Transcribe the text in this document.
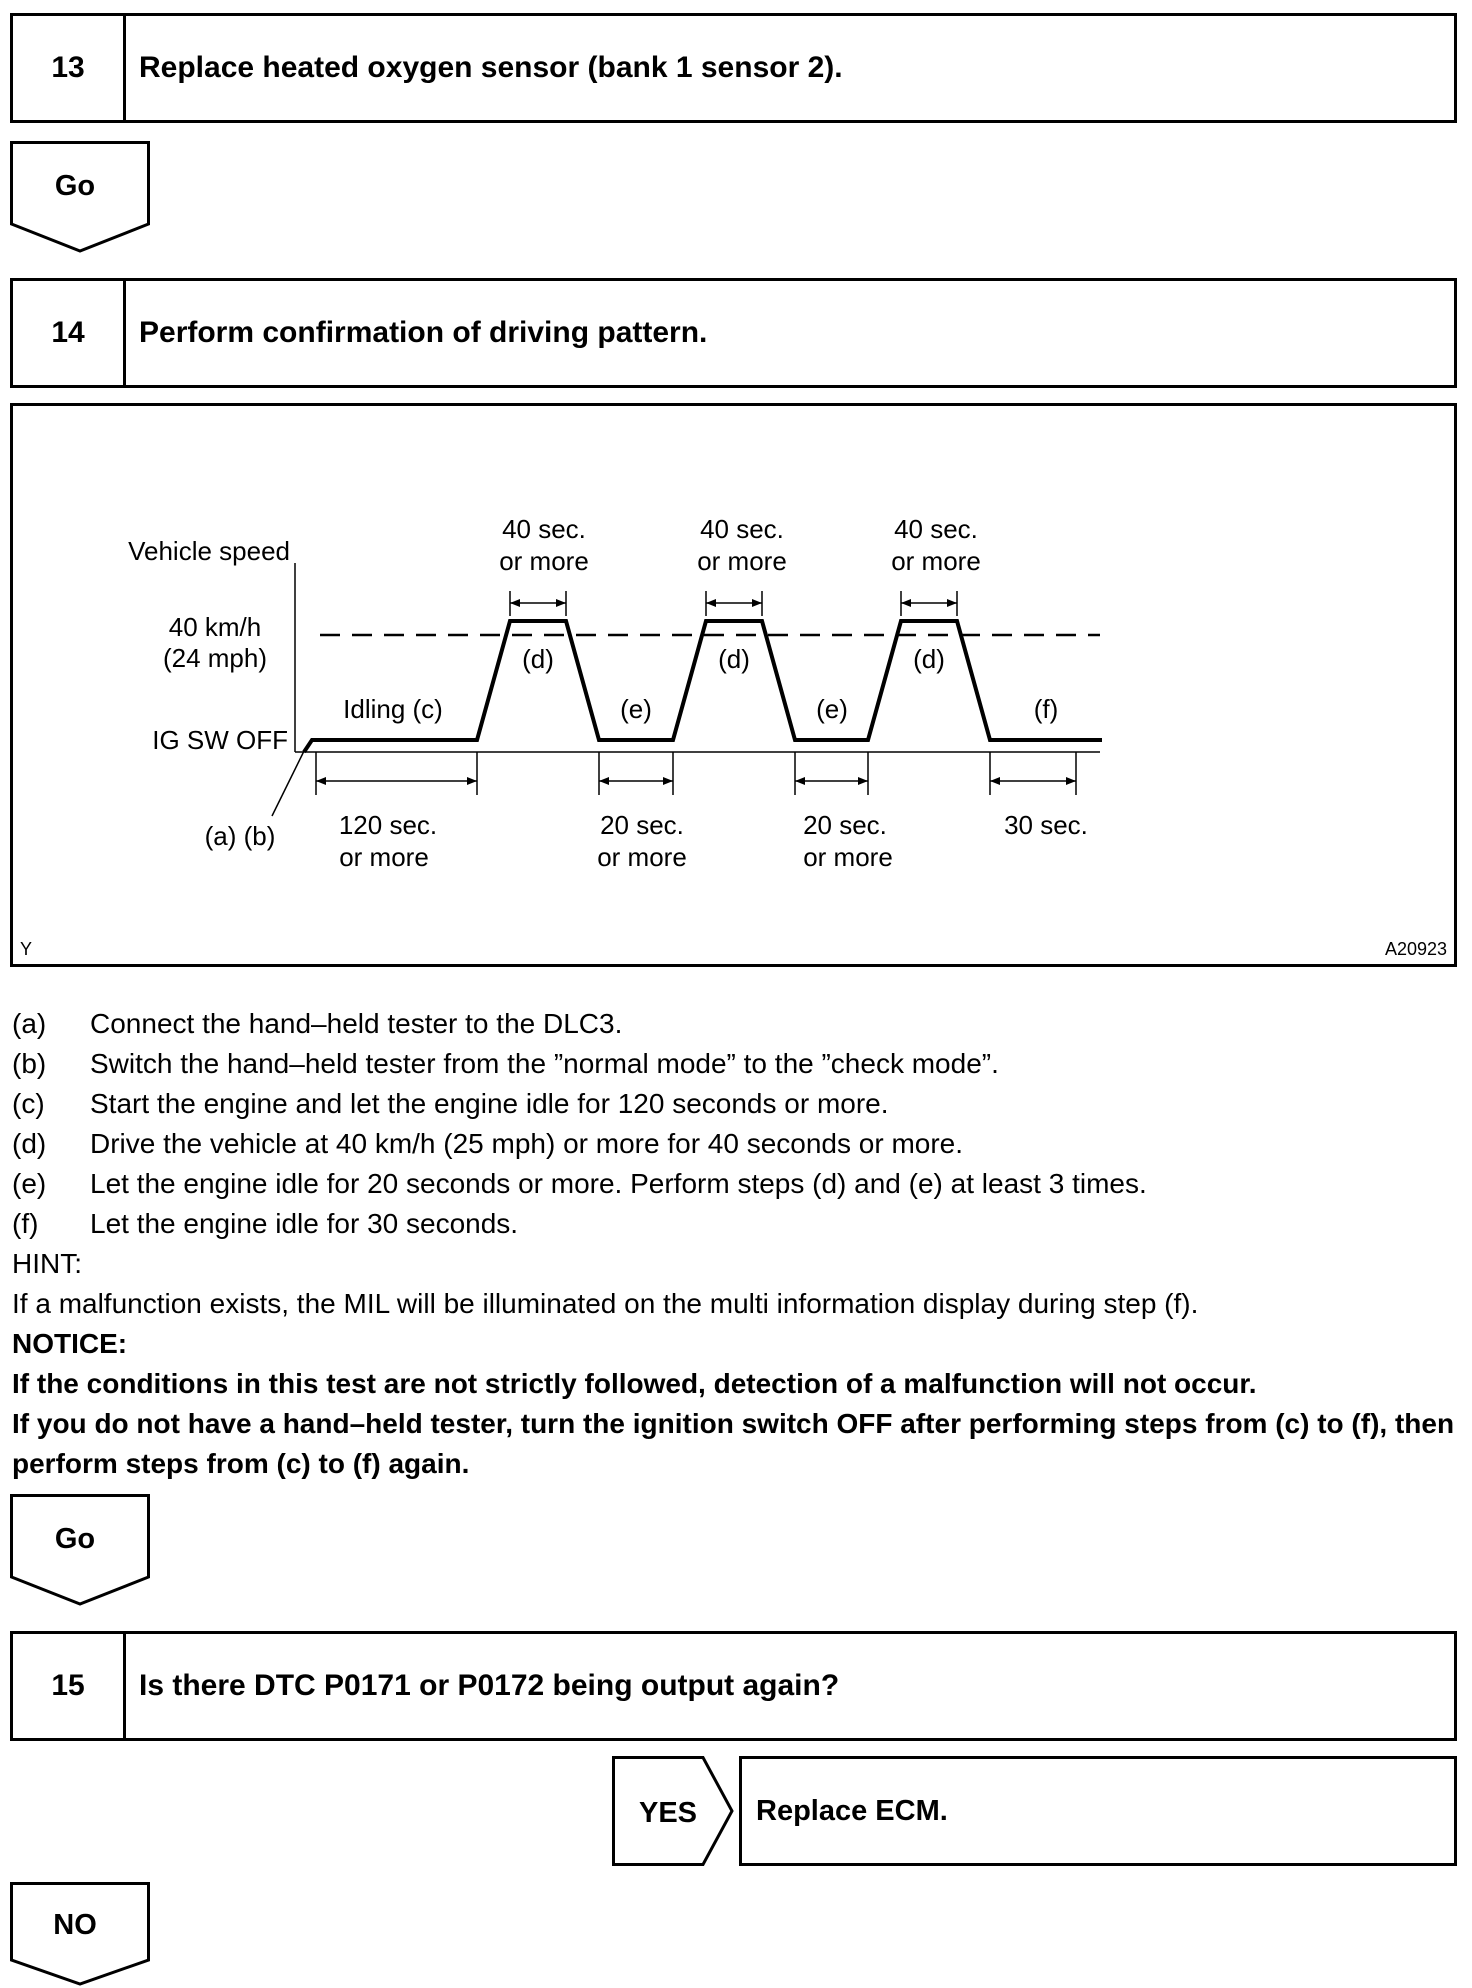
13	Replace heated oxygen sensor (bank 1 sensor 2).
Go
14	Perform confirmation of driving pattern.
Vehicle speed
40 km/h
(24 mph)
IG SW OFF
(a) (b)
Idling (c)
(d)	(d)	(d)
(e)	(e)	(f)
40 sec.
or more
40 sec.
or more
40 sec.
or more
120 sec.
or more
20 sec.
or more
20 sec.
or more
30 sec.
Y	A20923
(a)	Connect the hand–held tester to the DLC3.
(b)	Switch the hand–held tester from the ”normal mode” to the ”check mode”.
(c)	Start the engine and let the engine idle for 120 seconds or more.
(d)	Drive the vehicle at 40 km/h (25 mph) or more for 40 seconds or more.
(e)	Let the engine idle for 20 seconds or more. Perform steps (d) and (e) at least 3 times.
(f)	Let the engine idle for 30 seconds.
HINT:
If a malfunction exists, the MIL will be illuminated on the multi information display during step (f).
NOTICE:
If the conditions in this test are not strictly followed, detection of a malfunction will not occur.
If you do not have a hand–held tester, turn the ignition switch OFF after performing steps from (c) to (f), then perform steps from (c) to (f) again.
Go
15	Is there DTC P0171 or P0172 being output again?
YES Replace ECM.
NO
